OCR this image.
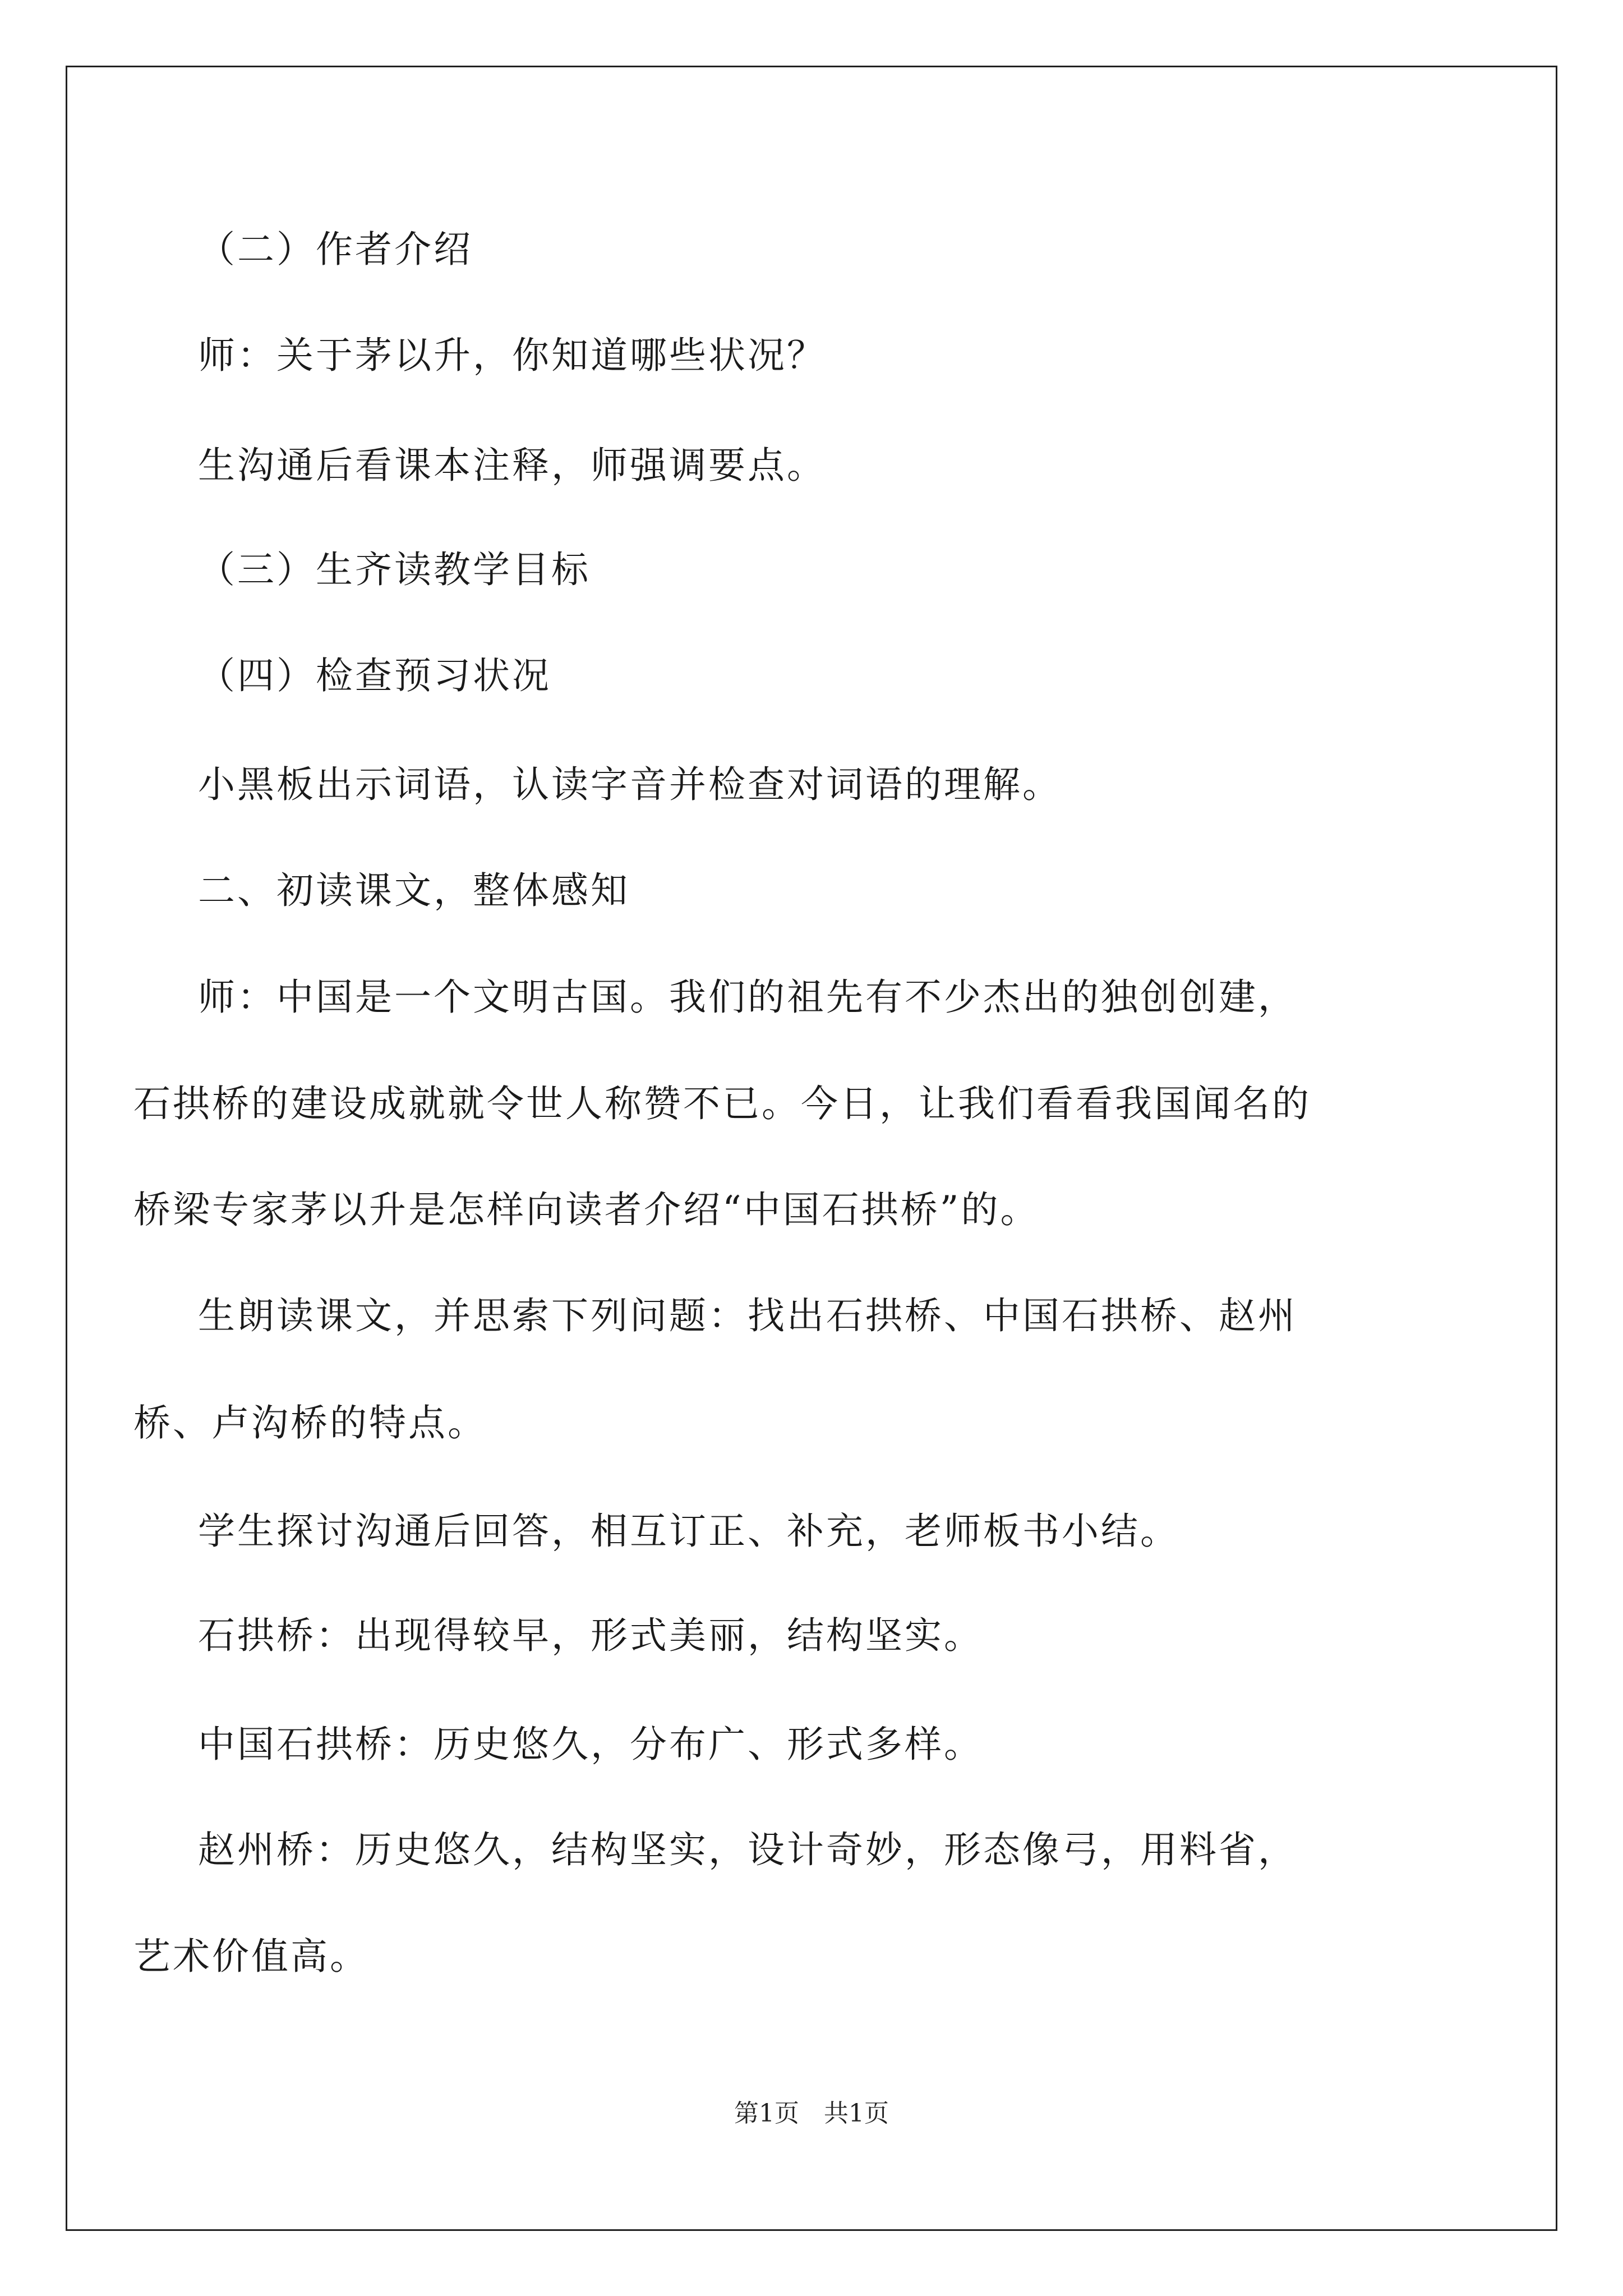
（二）作者介绍
师：关于茅以升，你知道哪些状况？
生沟通后看课本注释，师强调要点。
（三）生齐读教学目标
（四）检查预习状况
小黑板出示词语，认读字音并检查对词语的理解。
二、初读课文，整体感知
师：中国是一个文明古国。我们的祖先有不少杰出的独创创建，
石拱桥的建设成就就令世人称赞不已。今日，让我们看看我国闻名的
桥梁专家茅以升是怎样向读者介绍“中国石拱桥”的。
生朗读课文，并思索下列问题：找出石拱桥、中国石拱桥、赵州
桥、卢沟桥的特点。
学生探讨沟通后回答，相互订正、补充，老师板书小结。
石拱桥：出现得较早，形式美丽，结构坚实。
中国石拱桥：历史悠久，分布广、形式多样。
赵州桥：历史悠久，结构坚实，设计奇妙，形态像弓，用料省，
艺术价值高。
第1页　共1页
